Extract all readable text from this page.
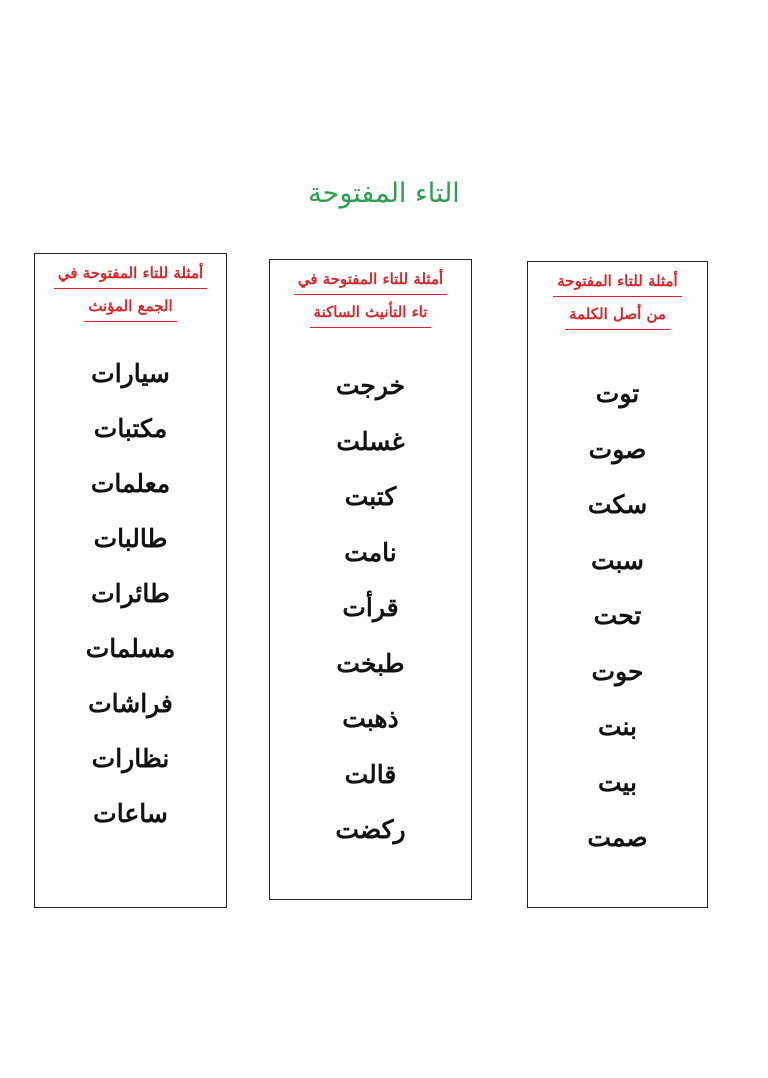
التاء المفتوحة
أمثلة للتاء المفتوحة
من أصل الكلمة
توت
صوت
سكت
سبت
تحت
حوت
بنت
بيت
صمت
أمثلة للتاء المفتوحة في
تاء التأنيث الساكنة
خرجت
غسلت
كتبت
نامت
قرأت
طبخت
ذهبت
قالت
ركضت
أمثلة للتاء المفتوحة في
الجمع المؤنث
سيارات
مكتبات
معلمات
طالبات
طائرات
مسلمات
فراشات
نظارات
ساعات
